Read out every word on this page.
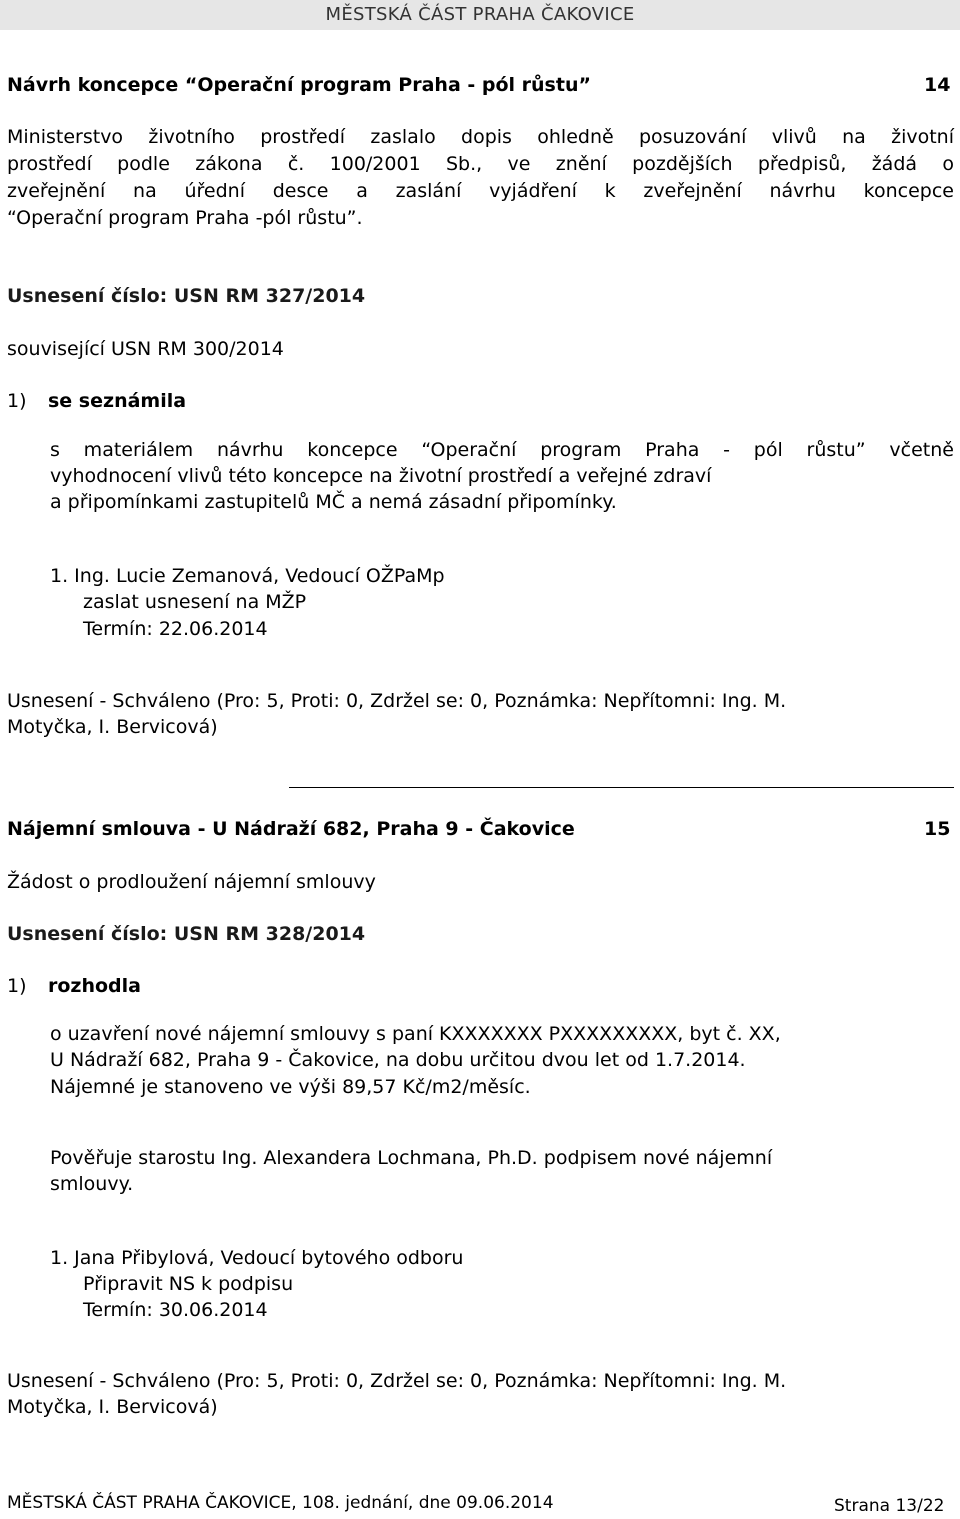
MĚSTSKÁ ČÁST PRAHA ČAKOVICE
Návrh koncepce “Operační program Praha - pól růstu”	14
Ministerstvo životního prostředí zaslalo dopis ohledně posuzování vlivů na životní
prostředí podle zákona č. 100/2001 Sb., ve znění pozdějších předpisů, žádá o
zveřejnění na úřední desce a zaslání vyjádření k zveřejnění návrhu koncepce
“Operační program Praha -pól růstu”.
Usnesení číslo: USN RM 327/2014
související USN RM 300/2014
1) se seznámila
s materiálem návrhu koncepce “Operační program Praha - pól růstu” včetně
vyhodnocení vlivů této koncepce na životní prostředí a veřejné zdraví
a připomínkami zastupitelů MČ a nemá zásadní připomínky.
1. Ing. Lucie Zemanová, Vedoucí OŽPaMp
zaslat usnesení na MŽP
Termín: 22.06.2014
Usnesení - Schváleno (Pro: 5, Proti: 0, Zdržel se: 0, Poznámka: Nepřítomni: Ing. M.
Motyčka, I. Bervicová)
Nájemní smlouva - U Nádraží 682, Praha 9 - Čakovice	15
Žádost o prodloužení nájemní smlouvy
Usnesení číslo: USN RM 328/2014
1) rozhodla
o uzavření nové nájemní smlouvy s paní KXXXXXXX PXXXXXXXXX, byt č. XX,
U Nádraží 682, Praha 9 - Čakovice, na dobu určitou dvou let od 1.7.2014.
Nájemné je stanoveno ve výši 89,57 Kč/m2/měsíc.
Pověřuje starostu Ing. Alexandera Lochmana, Ph.D. podpisem nové nájemní
smlouvy.
1. Jana Přibylová, Vedoucí bytového odboru
Připravit NS k podpisu
Termín: 30.06.2014
Usnesení - Schváleno (Pro: 5, Proti: 0, Zdržel se: 0, Poznámka: Nepřítomni: Ing. M.
Motyčka, I. Bervicová)
MĚSTSKÁ ČÁST PRAHA ČAKOVICE, 108. jednání, dne 09.06.2014	Strana 13/22
